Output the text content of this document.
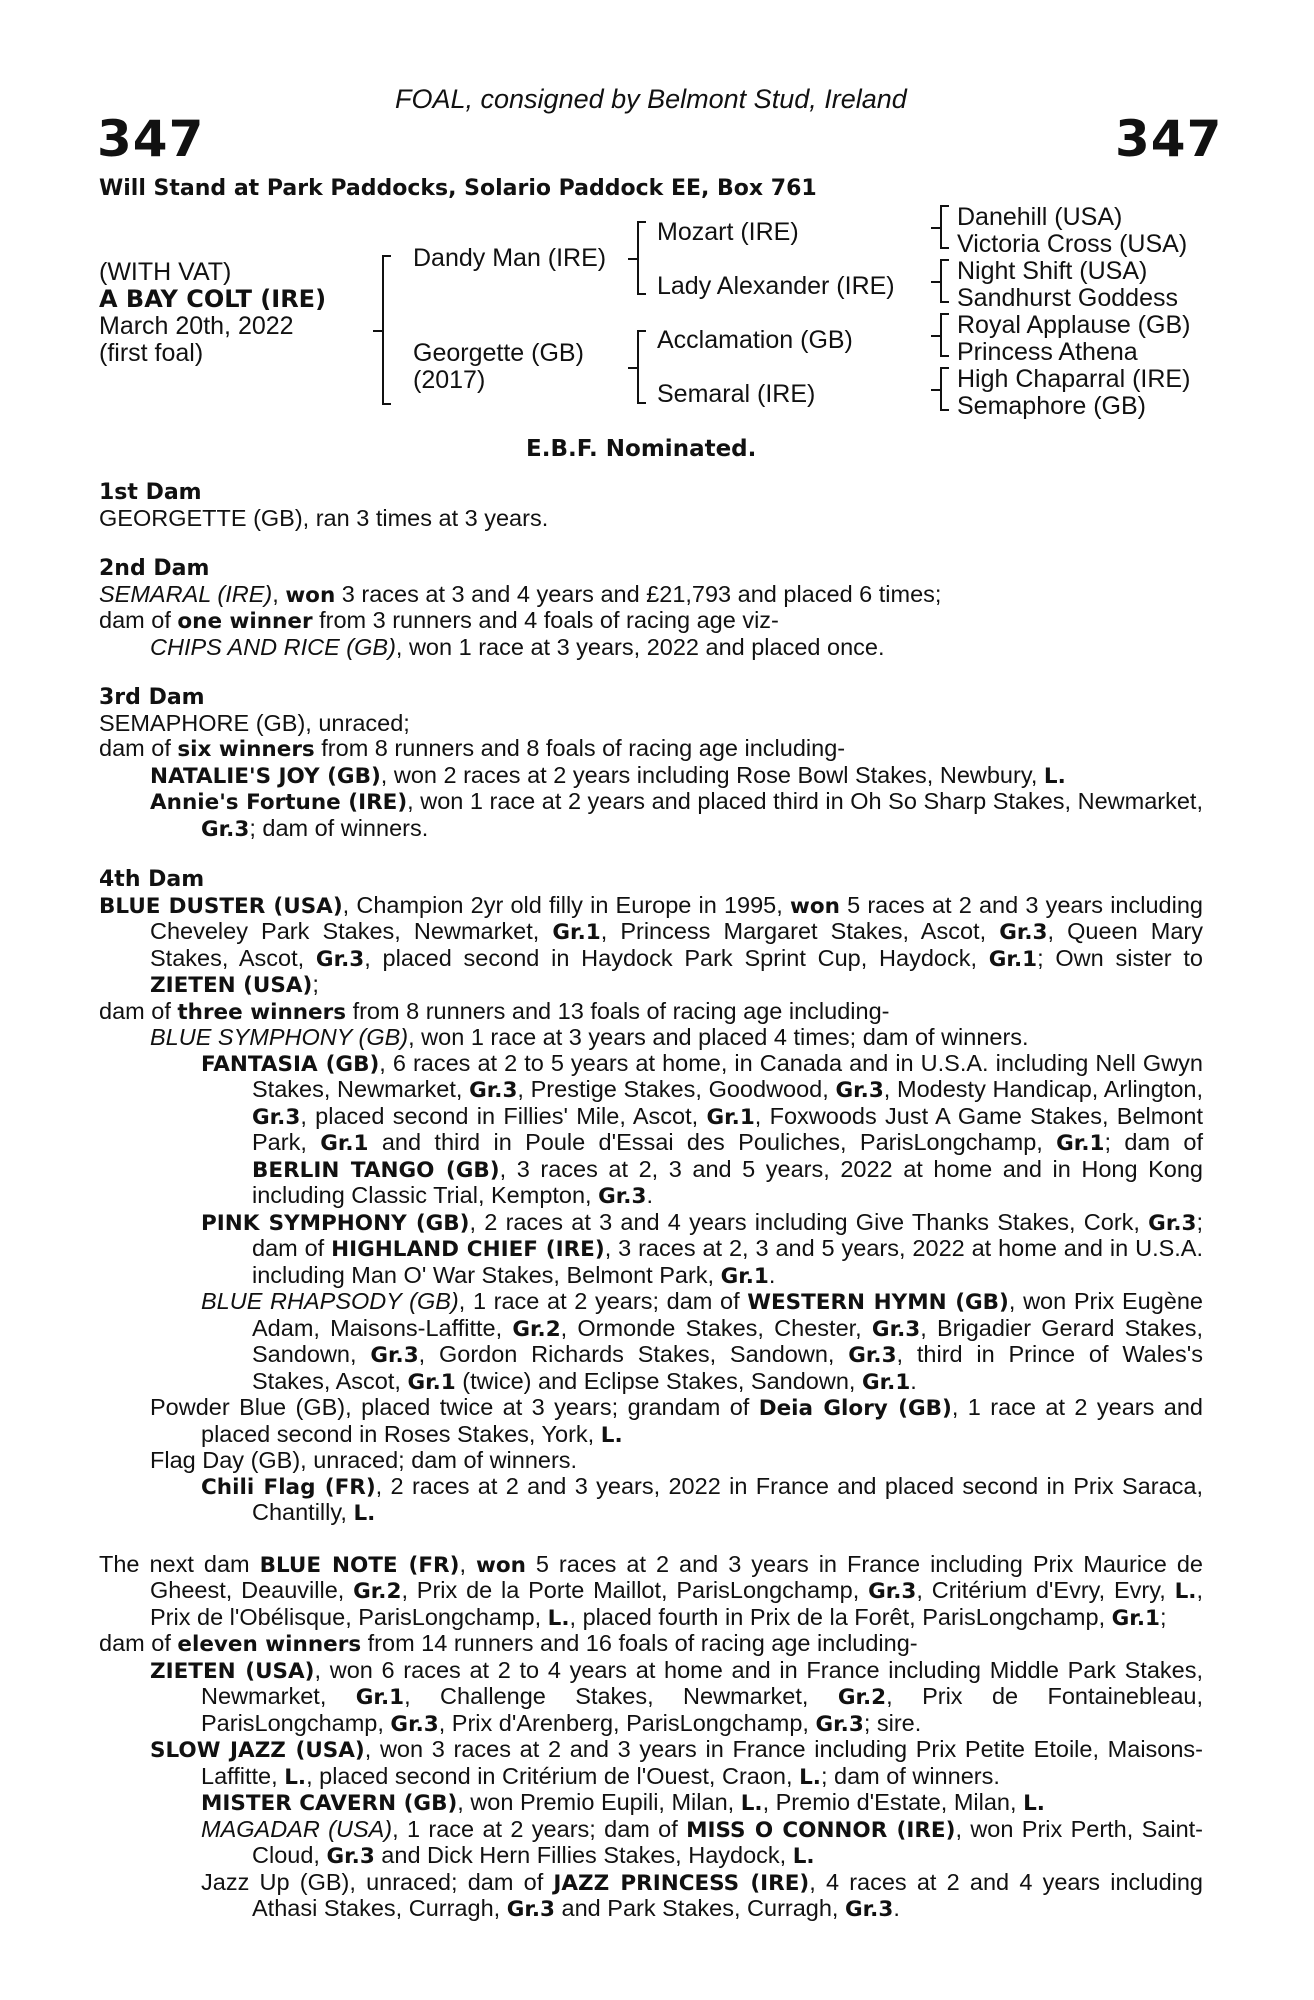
FOAL, consigned by Belmont Stud, Ireland
347	347
Will Stand at Park Paddocks, Solario Paddock EE, Box 761
(WITH VAT)
A BAY COLT (IRE)
March 20th, 2022
(first foal)
Dandy Man (IRE)
Georgette (GB)
(2017)
Mozart (IRE)
Lady Alexander (IRE)
Acclamation (GB)
Semaral (IRE)
Danehill (USA)
Victoria Cross (USA)
Night Shift (USA)
Sandhurst Goddess
Royal Applause (GB)
Princess Athena
High Chaparral (IRE)
Semaphore (GB)
E.B.F. Nominated.
1st Dam
GEORGETTE (GB), ran 3 times at 3 years.
2nd Dam
SEMARAL (IRE), won 3 races at 3 and 4 years and £21,793 and placed 6 times;
dam of one winner from 3 runners and 4 foals of racing age viz-
CHIPS AND RICE (GB), won 1 race at 3 years, 2022 and placed once.
3rd Dam
SEMAPHORE (GB), unraced;
dam of six winners from 8 runners and 8 foals of racing age including-
NATALIE'S JOY (GB), won 2 races at 2 years including Rose Bowl Stakes, Newbury, L.
Annie's Fortune (IRE), won 1 race at 2 years and placed third in Oh So Sharp Stakes, Newmarket, Gr.3; dam of winners.
4th Dam
BLUE DUSTER (USA), Champion 2yr old filly in Europe in 1995, won 5 races at 2 and 3 years including Cheveley Park Stakes, Newmarket, Gr.1, Princess Margaret Stakes, Ascot, Gr.3, Queen Mary Stakes, Ascot, Gr.3, placed second in Haydock Park Sprint Cup, Haydock, Gr.1; Own sister to ZIETEN (USA);
dam of three winners from 8 runners and 13 foals of racing age including-
BLUE SYMPHONY (GB), won 1 race at 3 years and placed 4 times; dam of winners.
FANTASIA (GB), 6 races at 2 to 5 years at home, in Canada and in U.S.A. including Nell Gwyn Stakes, Newmarket, Gr.3, Prestige Stakes, Goodwood, Gr.3, Modesty Handicap, Arlington, Gr.3, placed second in Fillies' Mile, Ascot, Gr.1, Foxwoods Just A Game Stakes, Belmont Park, Gr.1 and third in Poule d'Essai des Pouliches, ParisLongchamp, Gr.1; dam of BERLIN TANGO (GB), 3 races at 2, 3 and 5 years, 2022 at home and in Hong Kong including Classic Trial, Kempton, Gr.3.
PINK SYMPHONY (GB), 2 races at 3 and 4 years including Give Thanks Stakes, Cork, Gr.3; dam of HIGHLAND CHIEF (IRE), 3 races at 2, 3 and 5 years, 2022 at home and in U.S.A. including Man O' War Stakes, Belmont Park, Gr.1.
BLUE RHAPSODY (GB), 1 race at 2 years; dam of WESTERN HYMN (GB), won Prix Eugène Adam, Maisons-Laffitte, Gr.2, Ormonde Stakes, Chester, Gr.3, Brigadier Gerard Stakes, Sandown, Gr.3, Gordon Richards Stakes, Sandown, Gr.3, third in Prince of Wales's Stakes, Ascot, Gr.1 (twice) and Eclipse Stakes, Sandown, Gr.1.
Powder Blue (GB), placed twice at 3 years; grandam of Deia Glory (GB), 1 race at 2 years and placed second in Roses Stakes, York, L.
Flag Day (GB), unraced; dam of winners.
Chili Flag (FR), 2 races at 2 and 3 years, 2022 in France and placed second in Prix Saraca, Chantilly, L.
The next dam BLUE NOTE (FR), won 5 races at 2 and 3 years in France including Prix Maurice de Gheest, Deauville, Gr.2, Prix de la Porte Maillot, ParisLongchamp, Gr.3, Critérium d'Evry, Evry, L., Prix de l'Obélisque, ParisLongchamp, L., placed fourth in Prix de la Forêt, ParisLongchamp, Gr.1;
dam of eleven winners from 14 runners and 16 foals of racing age including-
ZIETEN (USA), won 6 races at 2 to 4 years at home and in France including Middle Park Stakes, Newmarket, Gr.1, Challenge Stakes, Newmarket, Gr.2, Prix de Fontainebleau, ParisLongchamp, Gr.3, Prix d'Arenberg, ParisLongchamp, Gr.3; sire.
SLOW JAZZ (USA), won 3 races at 2 and 3 years in France including Prix Petite Etoile, Maisons-Laffitte, L., placed second in Critérium de l'Ouest, Craon, L.; dam of winners.
MISTER CAVERN (GB), won Premio Eupili, Milan, L., Premio d'Estate, Milan, L.
MAGADAR (USA), 1 race at 2 years; dam of MISS O CONNOR (IRE), won Prix Perth, Saint-Cloud, Gr.3 and Dick Hern Fillies Stakes, Haydock, L.
Jazz Up (GB), unraced; dam of JAZZ PRINCESS (IRE), 4 races at 2 and 4 years including Athasi Stakes, Curragh, Gr.3 and Park Stakes, Curragh, Gr.3.
